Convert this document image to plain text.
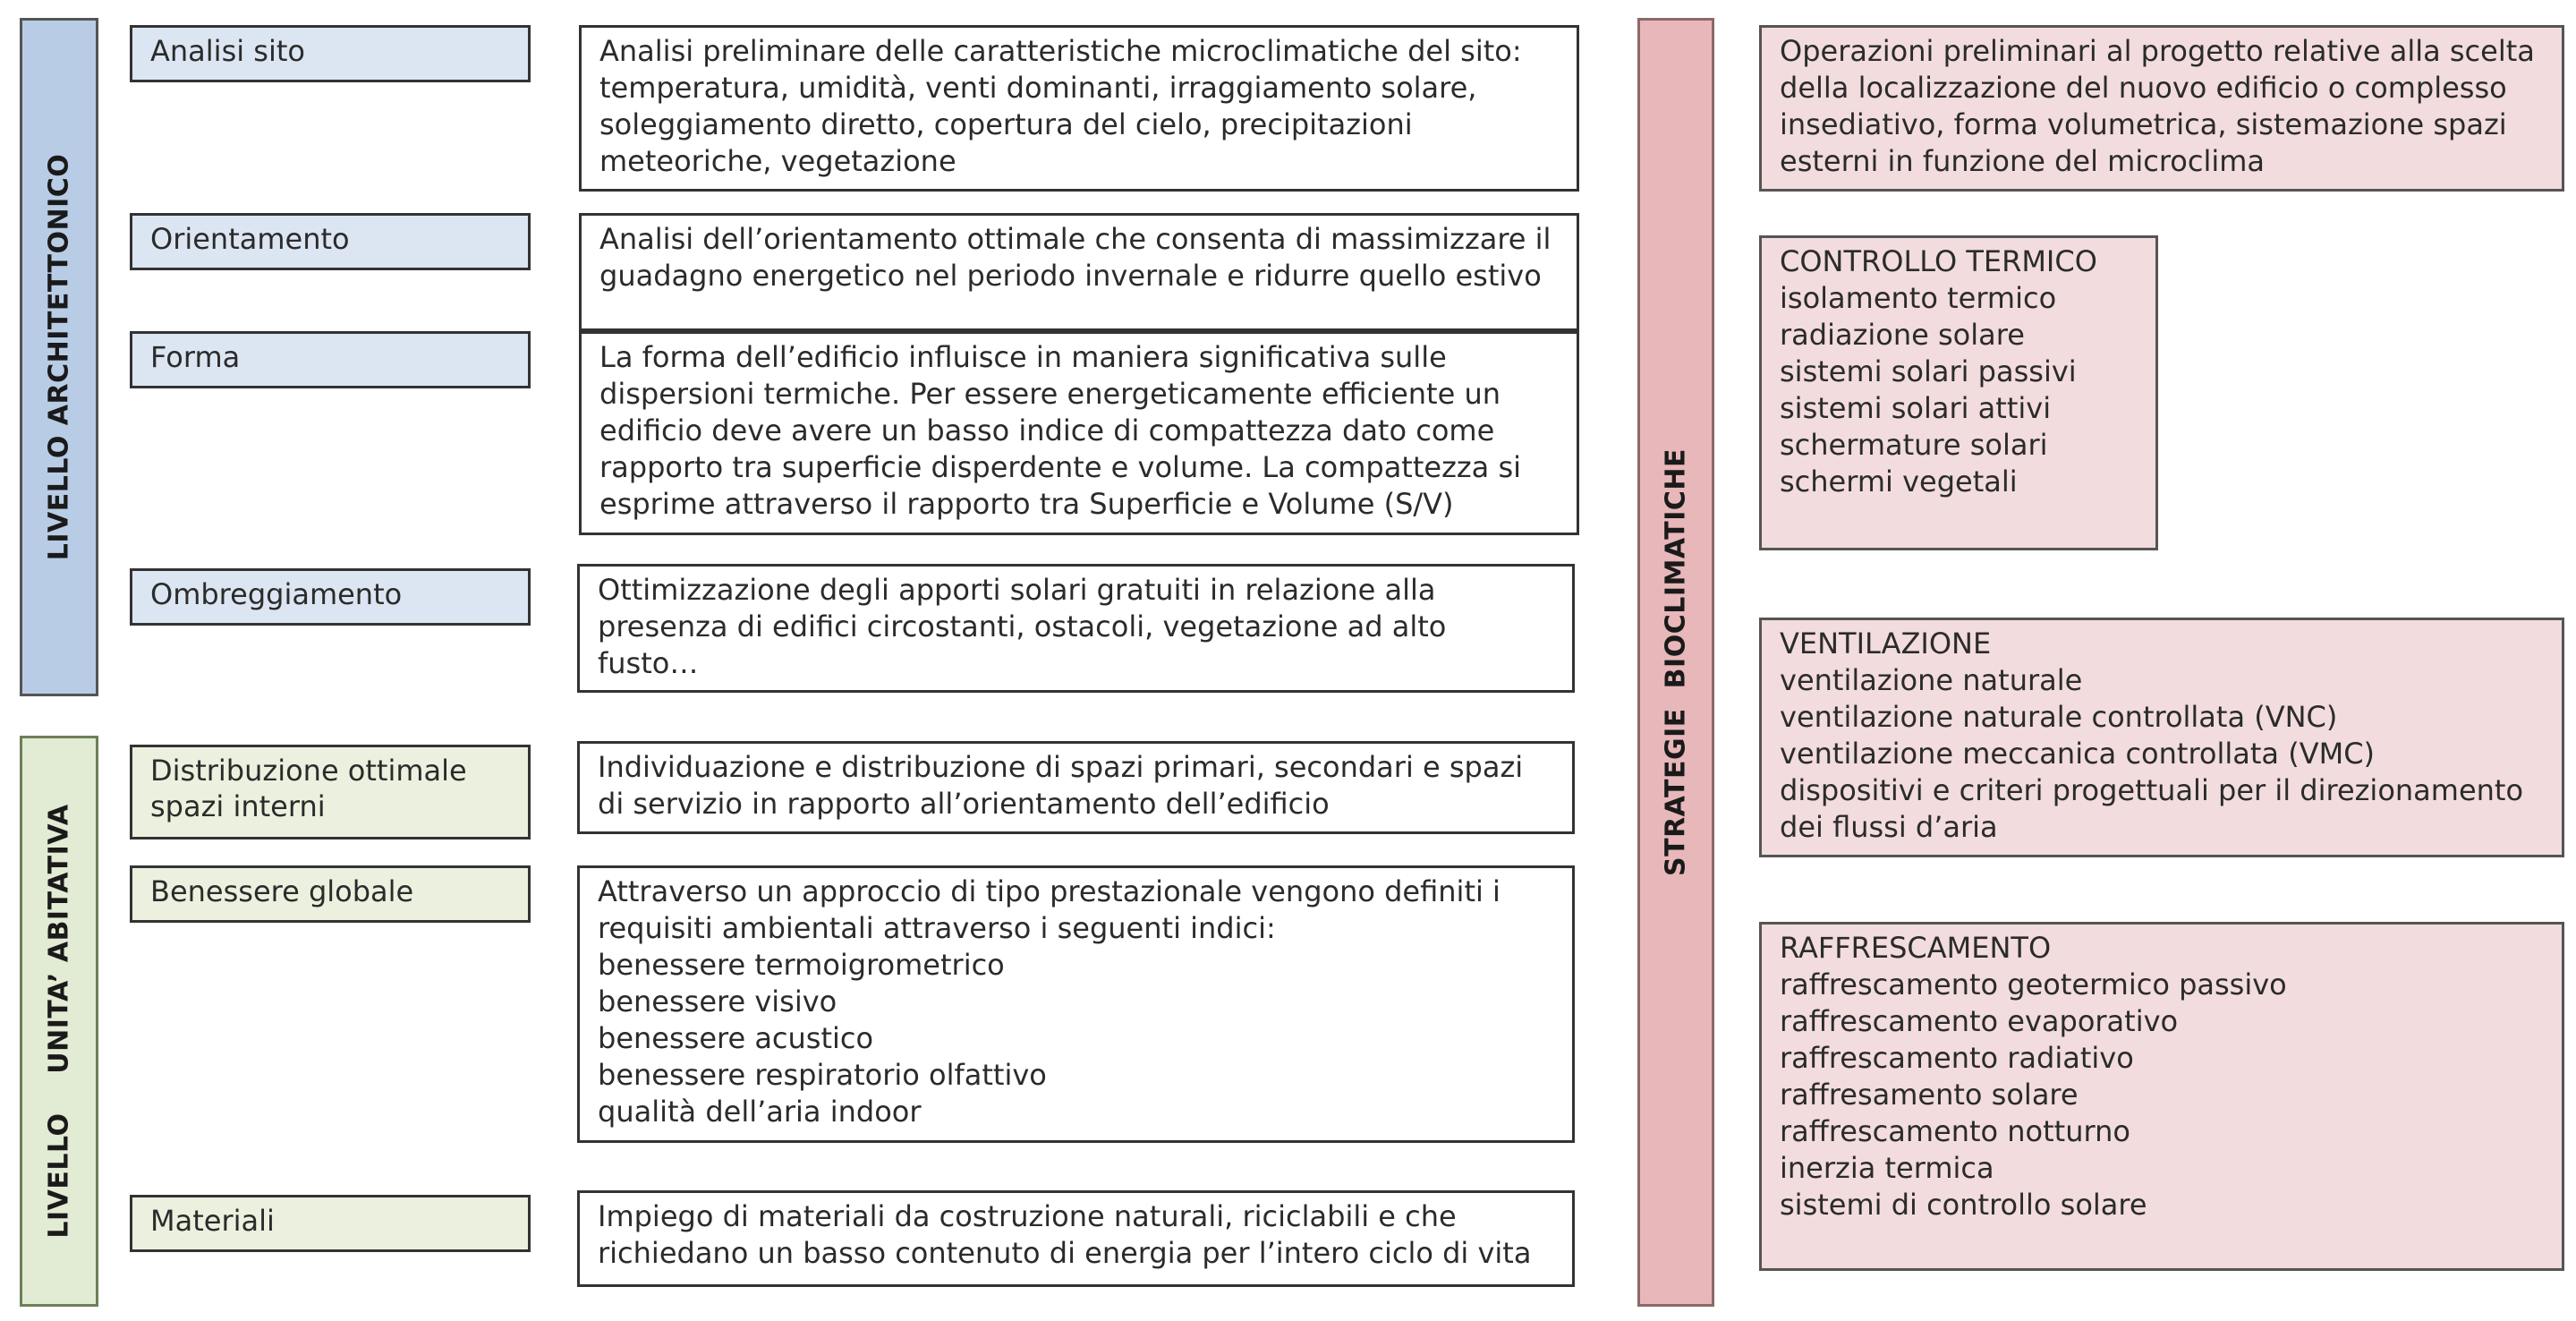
LIVELLO ARCHITETTONICO
LIVELLO    UNITA’ ABITATIVA
STRATEGIE  BIOCLIMATICHE
Analisi sito
Orientamento
Forma
Ombreggiamento
Distribuzione ottimale spazi interni
Benessere globale
Materiali
Analisi preliminare delle caratteristiche microclimatiche del sito: temperatura, umidità, venti dominanti, irraggiamento solare, soleggiamento diretto, copertura del cielo, precipitazioni meteoriche, vegetazione
Analisi dell’orientamento ottimale che consenta di massimizzare il guadagno energetico nel periodo invernale e ridurre quello estivo
La forma dell’edificio influisce in maniera significativa sulle dispersioni termiche. Per essere energeticamente efficiente un edificio deve avere un basso indice di compattezza dato come rapporto tra superficie disperdente e volume. La compattezza si esprime attraverso il rapporto tra Superficie e Volume (S/V)
Ottimizzazione degli apporti solari gratuiti in relazione alla presenza di edifici circostanti, ostacoli, vegetazione ad alto fusto…
Individuazione e distribuzione di spazi primari, secondari e spazi di servizio in rapporto all’orientamento dell’edificio
Attraverso un approccio di tipo prestazionale vengono definiti i requisiti ambientali attraverso i seguenti indici:
benessere termoigrometrico
benessere visivo
benessere acustico
benessere respiratorio olfattivo
qualità dell’aria indoor
Impiego di materiali da costruzione naturali, riciclabili e che richiedano un basso contenuto di energia per l’intero ciclo di vita
Operazioni preliminari al progetto relative alla scelta della localizzazione del nuovo edificio o complesso insediativo, forma volumetrica, sistemazione spazi esterni in funzione del microclima
CONTROLLO TERMICO
isolamento termico
radiazione solare
sistemi solari passivi
sistemi solari attivi
schermature solari
schermi vegetali
VENTILAZIONE
ventilazione naturale
ventilazione naturale controllata (VNC)
ventilazione meccanica controllata (VMC)
dispositivi e criteri progettuali per il direzionamento dei flussi d’aria
RAFFRESCAMENTO
raffrescamento geotermico passivo
raffrescamento evaporativo
raffrescamento radiativo
raffresamento solare
raffrescamento notturno
inerzia termica
sistemi di controllo solare
